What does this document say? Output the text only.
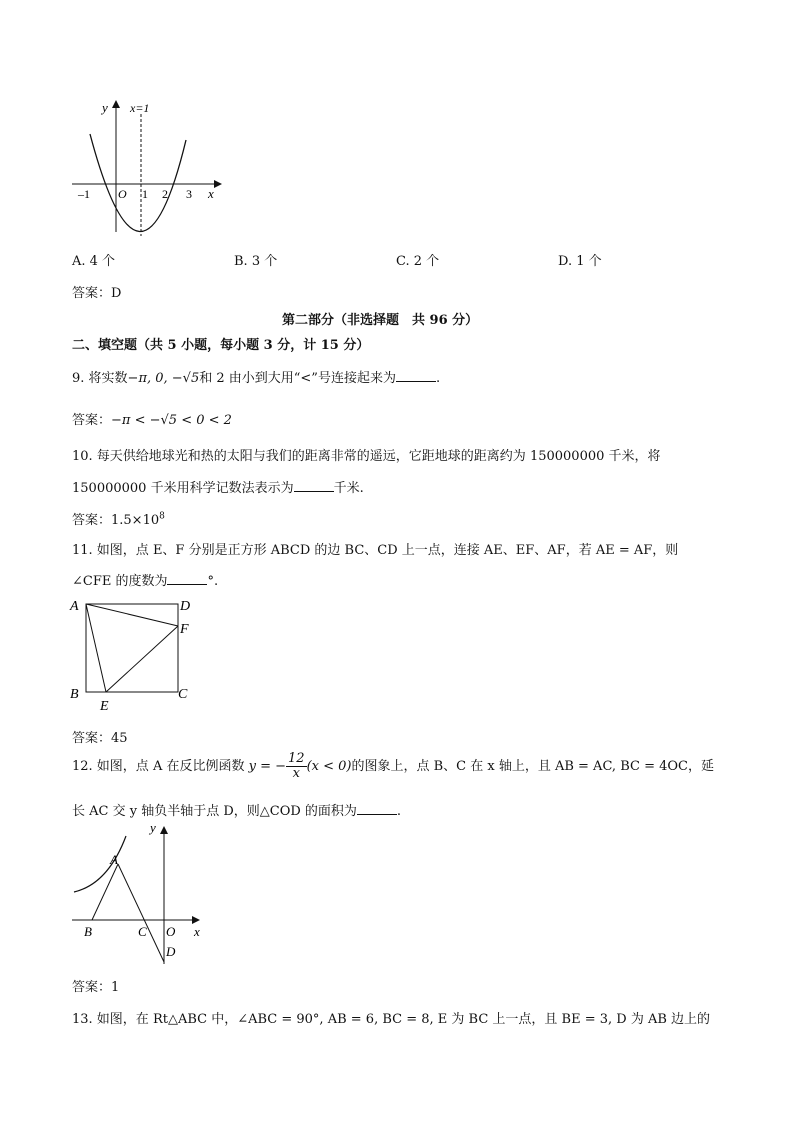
y x=1
x
–1 O 1 2 3
A. 4 个	B. 3 个	C. 2 个	D. 1 个
答案：D
第二部分（非选择题　共 96 分）
二、填空题（共 5 小题，每小题 3 分，计 15 分）
9. 将实数−π, 0, −√5和 2 由小到大用“<”号连接起来为	.
答案：−π < −√5 < 0 < 2
10. 每天供给地球光和热的太阳与我们的距离非常的遥远，它距地球的距离约为 150000000 千米，将
150000000 千米用科学记数法表示为	千米.
答案：$1.5\times 10^8$
11. 如图，点 E、F 分别是正方形 ABCD 的边 BC、CD 上一点，连接 AE、EF、AF，若 AE = AF，则
∠CFE 的度数为	°.
A	D
F
B	C
E
答案：45
12. 如图，点 A 在反比例函数 y = − $\frac{12}{x} (x < 0)$的图象上，点 B、C 在 x 轴上，且 AB = AC, BC = 4OC，延
长 AC 交 y 轴负半轴于点 D，则△COD 的面积为	.
y
x
A
B	C O
D
答案：1
13. 如图，在 Rt△ABC 中，∠ABC = 90°, AB = 6, BC = 8, E 为 BC 上一点，且 BE = 3, D 为 AB 边上的
